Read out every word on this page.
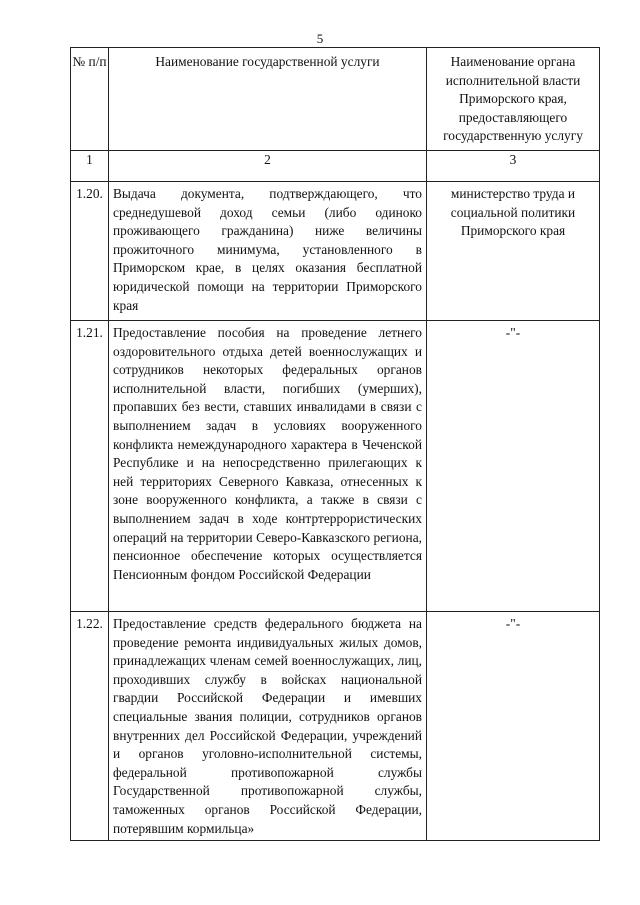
5
№ п/п	Наименование государственной услуги	Наименование органа исполнительной власти Приморского края, предоставляющего государственную услугу
1	2	3
1.20.	Выдача документа, подтверждающего, что среднедушевой доход семьи (либо одиноко проживающего гражданина) ниже величины прожиточного минимума, установленного в Приморском крае, в целях оказания бесплатной юридической помощи на территории Приморского края	министерство труда и социальной политики Приморского края
1.21.	Предоставление пособия на проведение летнего оздоровительного отдыха детей военнослужащих и сотрудников некоторых федеральных органов исполнительной власти, погибших (умерших), пропавших без вести, ставших инвалидами в связи с выполнением задач в условиях вооруженного конфликта немеждународного характера в Чеченской Республике и на непосредственно прилегающих к ней территориях Северного Кавказа, отнесенных к зоне вооруженного конфликта, а также в связи с выполнением задач в ходе контртеррористических операций на территории Северо-Кавказского региона, пенсионное обеспечение которых осуществляется Пенсионным фондом Российской Федерации	-"-
1.22.	Предоставление средств федерального бюджета на проведение ремонта индивидуальных жилых домов, принадлежащих членам семей военнослужащих, лиц, проходивших службу в войсках национальной гвардии Российской Федерации и имевших специальные звания полиции, сотрудников органов внутренних дел Российской Федерации, учреждений и органов уголовно-исполнительной системы, федеральной противопожарной службы Государственной противопожарной службы, таможенных органов Российской Федерации, потерявшим кормильца»	-"-
